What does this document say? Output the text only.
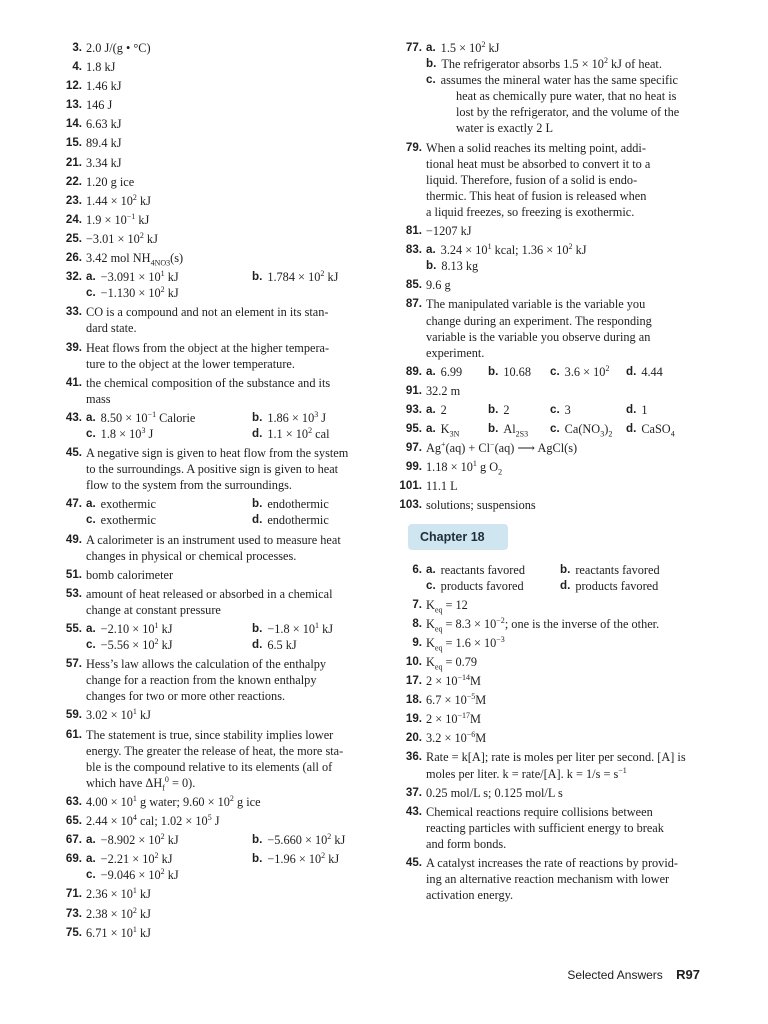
3. 2.0 J/(g • °C)
4. 1.8 kJ
12. 1.46 kJ
13. 146 J
14. 6.63 kJ
15. 89.4 kJ
21. 3.34 kJ
22. 1.20 g ice
23. $1.44 \times 10^2$ kJ
24. $1.9 \times 10^{-1}$ kJ
25. $-3.01 \times 10^2$ kJ
26. 3.42 mol $NH_{4NO3}(s)$
32. a. $-3.091 \times 10^1$ kJ	b. $1.784 \times 10^2$ kJ
c. $-1.130 \times 10^2$ kJ
33. CO is a compound and not an element in its stan-
dard state.
39. Heat flows from the object at the higher tempera-
ture to the object at the lower temperature.
41. the chemical composition of the substance and its
mass
43. a. $8.50 \times 10^{-1}$ Calorie	b. $1.86 \times 10^3$ J
c. $1.8 \times 10^3$ J	d. $1.1 \times 10^2$ cal
45. A negative sign is given to heat flow from the system
to the surroundings. A positive sign is given to heat
flow to the system from the surroundings.
47. a. exothermic	b. endothermic
c. exothermic	d. endothermic
49. A calorimeter is an instrument used to measure heat
changes in physical or chemical processes.
51. bomb calorimeter
53. amount of heat released or absorbed in a chemical
change at constant pressure
55. a. $-2.10 \times 10^1$ kJ	b. $-1.8 \times 10^1$ kJ
c. $-5.56 \times 10^2$ kJ	d. 6.5 kJ
57. Hess’s law allows the calculation of the enthalpy
change for a reaction from the known enthalpy
changes for two or more other reactions.
59. $3.02 \times 10^1$ kJ
61. The statement is true, since stability implies lower
energy. The greater the release of heat, the more sta-
ble is the compound relative to its elements (all of
which have $\Delta H_f^0 = 0$).
63. $4.00 \times 10^1$ g water; $9.60 \times 10^2$ g ice
65. $2.44 \times 10^4$ cal; $1.02 \times 10^5$ J
67. a. $-8.902 \times 10^2$ kJ	b. $-5.660 \times 10^2$ kJ
69. a. $-2.21 \times 10^2$ kJ	b. $-1.96 \times 10^2$ kJ
c. $-9.046 \times 10^2$ kJ
71. $2.36 \times 10^1$ kJ
73. $2.38 \times 10^2$ kJ
75. $6.71 \times 10^1$ kJ
77. a. $1.5 \times 10^2$ kJ
b. The refrigerator absorbs $1.5 \times 10^2$ kJ of heat.
c. assumes the mineral water has the same specific
heat as chemically pure water, that no heat is
lost by the refrigerator, and the volume of the
water is exactly 2 L
79. When a solid reaches its melting point, addi-
tional heat must be absorbed to convert it to a
liquid. Therefore, fusion of a solid is endo-
thermic. This heat of fusion is released when
a liquid freezes, so freezing is exothermic.
81. −1207 kJ
83. a. $3.24 \times 10^1$ kcal; $1.36 \times 10^2$ kJ
b. 8.13 kg
85. 9.6 g
87. The manipulated variable is the variable you
change during an experiment. The responding
variable is the variable you observe during an
experiment.
89. a. 6.99 b. 10.68 c. $3.6 \times 10^2$ d. 4.44
91. 32.2 m
93. a. 2	b. 2	c. 3	d. 1
95. a. $K_{3N}$ b. $Al_{2S3}$ c. $Ca(NO_3)_2$ d. CaSO$_4$
97. Ag+(aq) + Cl−(aq) ⟶ AgCl(s)
99. $1.18 \times 10^1$ g $O_2$
101. 11.1 L
103. solutions; suspensions
Chapter 18
6. a. reactants favored	b. reactants favored
c. products favored	d. products favored
7. $K_{eq} = 12$
8. $K_{eq} = 8.3 \times 10^{-2}$; one is the inverse of the other.
9. $K_{eq} = 1.6 \times 10^{-3}$
10. $K_{eq} = 0.79$
17. $2 \times 10^{-14}M$
18. $6.7 \times 10^{-5}M$
19. $2 \times 10^{-17}M$
20. $3.2 \times 10^{-6}M$
36. Rate = k[A]; rate is moles per liter per second. [A] is
moles per liter. k = rate/[A]. $k = 1/s = s^{-1}$
37. 0.25 mol/L s; 0.125 mol/L s
43. Chemical reactions require collisions between
reacting particles with sufficient energy to break
and form bonds.
45. A catalyst increases the rate of reactions by provid-
ing an alternative reaction mechanism with lower
activation energy.
Selected Answers R97
